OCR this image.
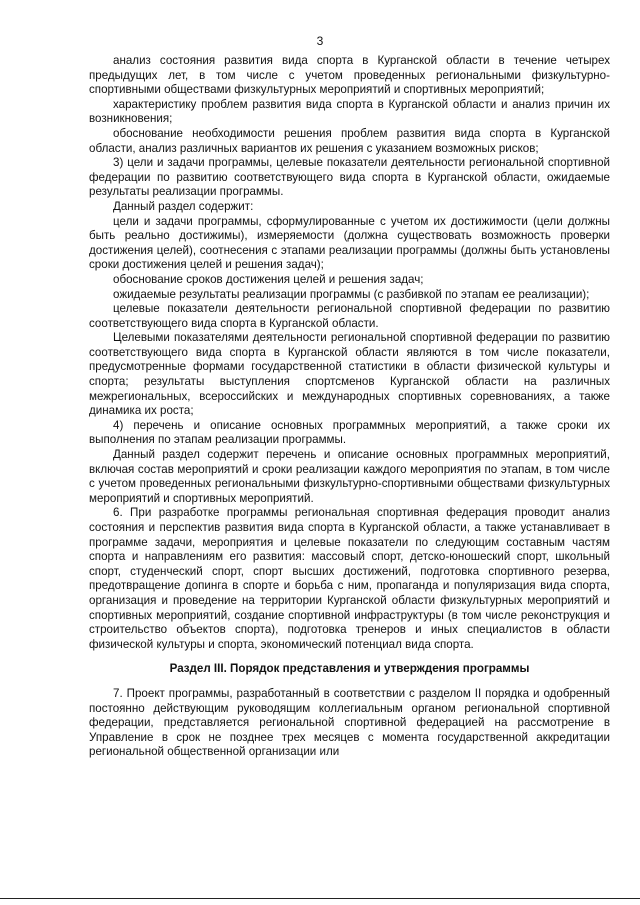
3

анализ состояния развития вида спорта в Курганской области в течение четырех предыдущих лет, в том числе с учетом проведенных региональными физкультурно-спортивными обществами физкультурных мероприятий и спортивных мероприятий;

характеристику проблем развития вида спорта в Курганской области и анализ причин их возникновения;

обоснование необходимости решения проблем развития вида спорта в Курганской области, анализ различных вариантов их решения с указанием возможных рисков;

3) цели и задачи программы, целевые показатели деятельности региональной спортивной федерации по развитию соответствующего вида спорта в Курганской области, ожидаемые результаты реализации программы.

Данный раздел содержит:

цели и задачи программы, сформулированные с учетом их достижимости (цели должны быть реально достижимы), измеряемости (должна существовать возможность проверки достижения целей), соотнесения с этапами реализации программы (должны быть установлены сроки достижения целей и решения задач);

обоснование сроков достижения целей и решения задач;

ожидаемые результаты реализации программы (с разбивкой по этапам ее реализации);

целевые показатели деятельности региональной спортивной федерации по развитию соответствующего вида спорта в Курганской области.

Целевыми показателями деятельности региональной спортивной федерации по развитию соответствующего вида спорта в Курганской области являются в том числе показатели, предусмотренные формами государственной статистики в области физической культуры и спорта; результаты выступления спортсменов Курганской области на различных межрегиональных, всероссийских и международных спортивных соревнованиях, а также динамика их роста;

4) перечень и описание основных программных мероприятий, а также сроки их выполнения по этапам реализации программы.

Данный раздел содержит перечень и описание основных программных мероприятий, включая состав мероприятий и сроки реализации каждого мероприятия по этапам, в том числе с учетом проведенных региональными физкультурно-спортивными обществами физкультурных мероприятий и спортивных мероприятий.

6. При разработке программы региональная спортивная федерация проводит анализ состояния и перспектив развития вида спорта в Курганской области, а также устанавливает в программе задачи, мероприятия и целевые показатели по следующим составным частям спорта и направлениям его развития: массовый спорт, детско-юношеский спорт, школьный спорт, студенческий спорт, спорт высших достижений, подготовка спортивного резерва, предотвращение допинга в спорте и борьба с ним, пропаганда и популяризация вида спорта, организация и проведение на территории Курганской области физкультурных мероприятий и спортивных мероприятий, создание спортивной инфраструктуры (в том числе реконструкция и строительство объектов спорта), подготовка тренеров и иных специалистов в области физической культуры и спорта, экономический потенциал вида спорта.

Раздел III. Порядок представления и утверждения программы

7. Проект программы, разработанный в соответствии с разделом II порядка и одобренный постоянно действующим руководящим коллегиальным органом региональной спортивной федерации, представляется региональной спортивной федерацией на рассмотрение в Управление в срок не позднее трех месяцев с момента государственной аккредитации региональной общественной организации или
